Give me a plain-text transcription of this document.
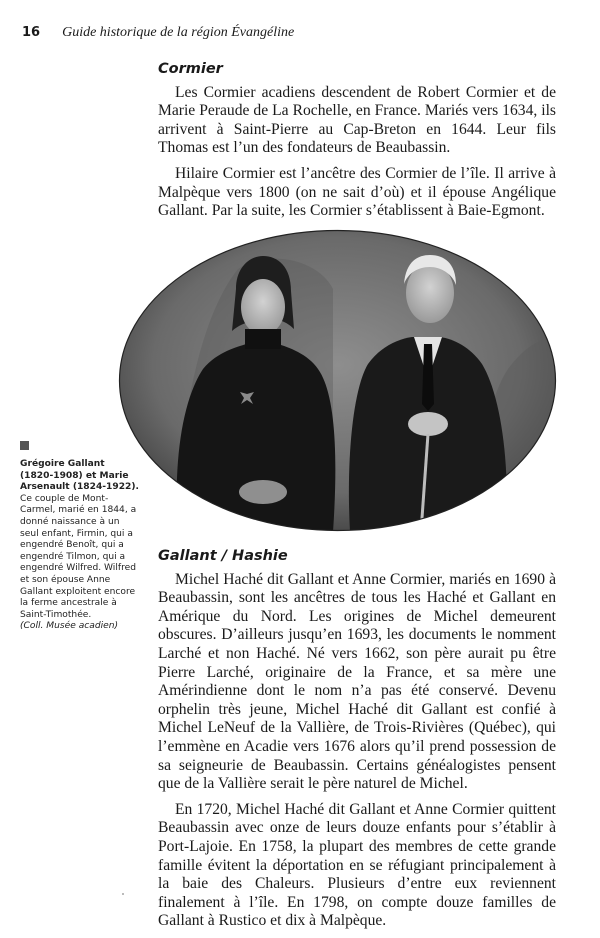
16 Guide historique de la région Évangéline
Cormier

Les Cormier acadiens descendent de Robert Cormier et de Marie Peraude de La Rochelle, en France. Mariés vers 1634, ils arrivent à Saint-Pierre au Cap-Breton en 1644. Leur fils Thomas est l’un des fondateurs de Beaubassin.

Hilaire Cormier est l’ancêtre des Cormier de l’île. Il arrive à Malpèque vers 1800 (on ne sait d’où) et il épouse Angélique Gallant. Par la suite, les Cormier s’établissent à Baie-Egmont.

Grégoire Gallant (1820-1908) et Marie Arsenault (1824-1922).
Ce couple de Mont-Carmel, marié en 1844, a donné naissance à un seul enfant, Firmin, qui a engendré Benoît, qui a engendré Tilmon, qui a engendré Wilfred. Wilfred et son épouse Anne Gallant exploitent encore la ferme ancestrale à Saint-Timothée.
(Coll. Musée acadien)
Gallant / Hashie

Michel Haché dit Gallant et Anne Cormier, mariés en 1690 à Beaubassin, sont les ancêtres de tous les Haché et Gallant en Amérique du Nord. Les origines de Michel demeurent obscures. D’ailleurs jusqu’en 1693, les documents le nomment Larché et non Haché. Né vers 1662, son père aurait pu être Pierre Larché, originaire de la France, et sa mère une Amérindienne dont le nom n’a pas été conservé. Devenu orphelin très jeune, Michel Haché dit Gallant est confié à Michel LeNeuf de la Vallière, de Trois-Rivières (Québec), qui l’emmène en Acadie vers 1676 alors qu’il prend possession de sa seigneurie de Beaubassin. Certains généalogistes pensent que de la Vallière serait le père naturel de Michel.

En 1720, Michel Haché dit Gallant et Anne Cormier quittent Beaubassin avec onze de leurs douze enfants pour s’établir à Port-Lajoie. En 1758, la plupart des membres de cette grande famille évitent la déportation en se réfugiant principalement à la baie des Chaleurs. Plusieurs d’entre eux reviennent finalement à l’île. En 1798, on compte douze familles de Gallant à Rustico et dix à Malpèque.
